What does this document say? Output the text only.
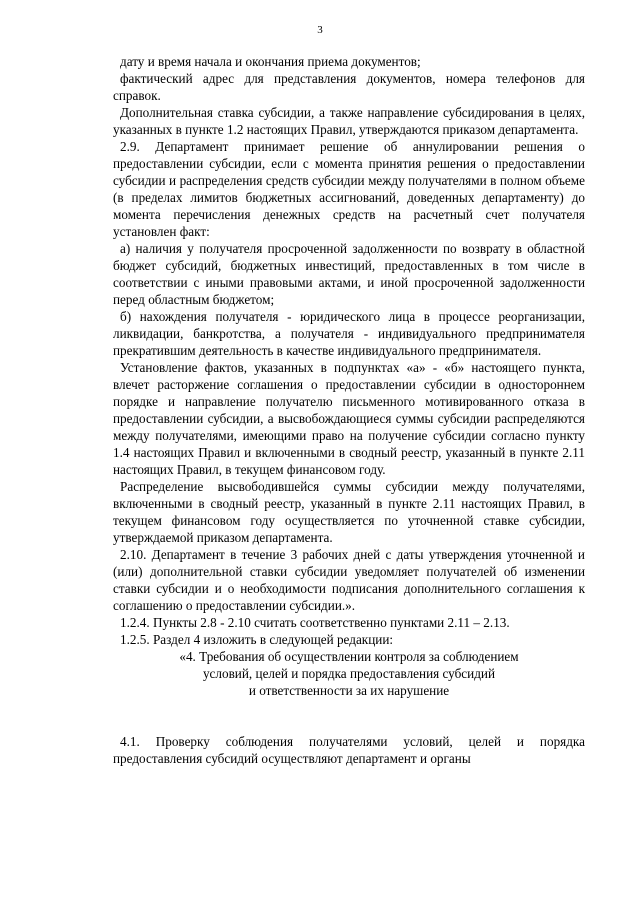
3

дату и время начала и окончания приема документов;

фактический адрес для представления документов, номера телефонов для справок.

Дополнительная ставка субсидии, а также направление субсидирования в целях, указанных в пункте 1.2 настоящих Правил, утверждаются приказом департамента.

2.9. Департамент принимает решение об аннулировании решения о предоставлении субсидии, если с момента принятия решения о предоставлении субсидии и распределения средств субсидии между получателями в полном объеме (в пределах лимитов бюджетных ассигнований, доведенных департаменту) до момента перечисления денежных средств на расчетный счет получателя установлен факт:

а) наличия у получателя просроченной задолженности по возврату в областной бюджет субсидий, бюджетных инвестиций, предоставленных в том числе в соответствии с иными правовыми актами, и иной просроченной задолженности перед областным бюджетом;

б) нахождения получателя - юридического лица в процессе реорганизации, ликвидации, банкротства, а получателя - индивидуального предпринимателя прекратившим деятельность в качестве индивидуального предпринимателя.

Установление фактов, указанных в подпунктах «а» - «б» настоящего пункта, влечет расторжение соглашения о предоставлении субсидии в одностороннем порядке и направление получателю письменного мотивированного отказа в предоставлении субсидии, а высвобождающиеся суммы субсидии распределяются между получателями, имеющими право на получение субсидии согласно пункту 1.4 настоящих Правил и включенными в сводный реестр, указанный в пункте 2.11 настоящих Правил, в текущем финансовом году.

Распределение высвободившейся суммы субсидии между получателями, включенными в сводный реестр, указанный в пункте 2.11 настоящих Правил, в текущем финансовом году осуществляется по уточненной ставке субсидии, утверждаемой приказом департамента.

2.10. Департамент в течение 3 рабочих дней с даты утверждения уточненной и (или) дополнительной ставки субсидии уведомляет получателей об изменении ставки субсидии и о необходимости подписания дополнительного соглашения к соглашению о предоставлении субсидии.».

1.2.4. Пункты 2.8 - 2.10 считать соответственно пунктами 2.11 – 2.13.

1.2.5. Раздел 4 изложить в следующей редакции:

«4. Требования об осуществлении контроля за соблюдением

условий, целей и порядка предоставления субсидий

и ответственности за их нарушение

4.1. Проверку соблюдения получателями условий, целей и порядка предоставления субсидий осуществляют департамент и органы
